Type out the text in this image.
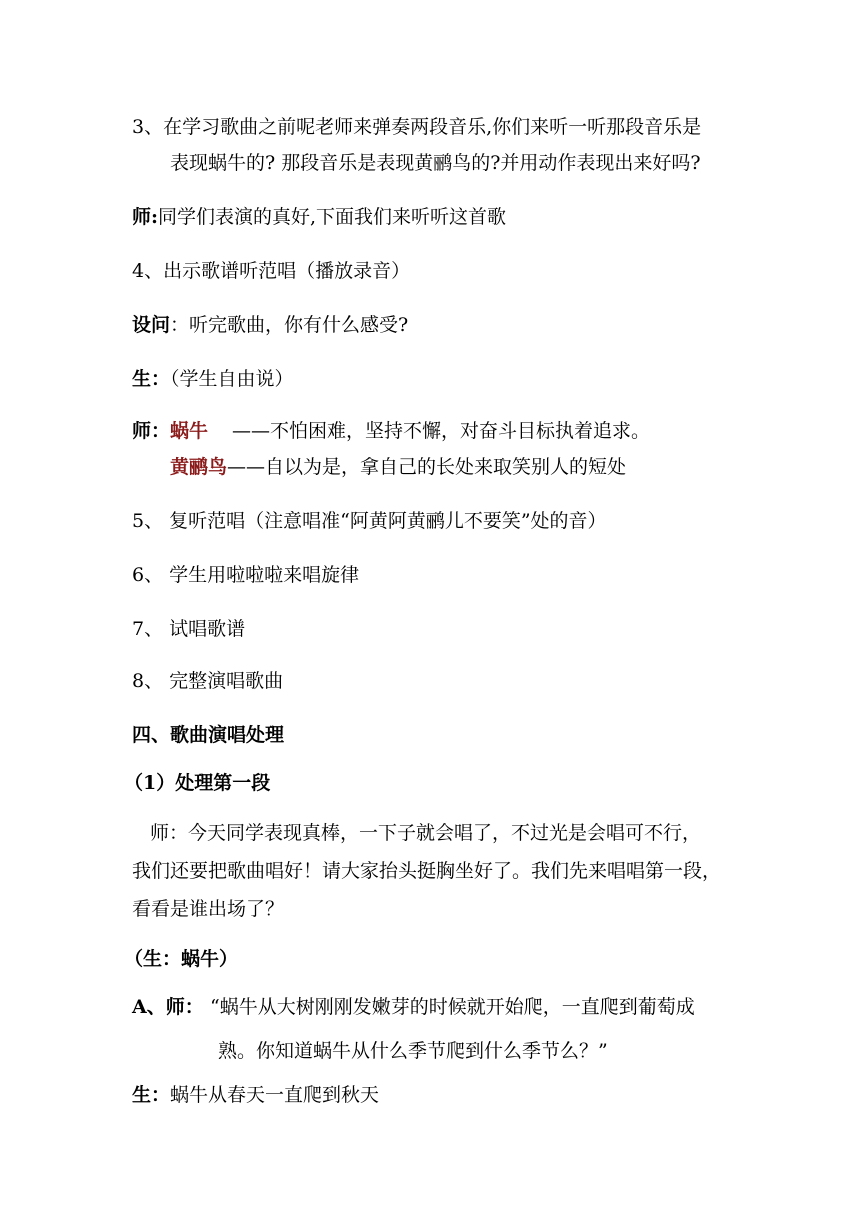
3、在学习歌曲之前呢老师来弹奏两段音乐,你们来听一听那段音乐是
表现蜗牛的? 那段音乐是表现黄鹂鸟的?并用动作表现出来好吗?
师:同学们表演的真好,下面我们来听听这首歌
4、出示歌谱听范唱（播放录音）
设问：听完歌曲，你有什么感受?
生：（学生自由说）
师：蜗牛 ——不怕困难，坚持不懈，对奋斗目标执着追求。
黄鹂鸟——自以为是，拿自己的长处来取笑别人的短处
5、 复听范唱（注意唱准“阿黄阿黄鹂儿不要笑”处的音）
6、 学生用啦啦啦来唱旋律
7、 试唱歌谱
8、 完整演唱歌曲
四、歌曲演唱处理
（1）处理第一段
师：今天同学表现真棒，一下子就会唱了，不过光是会唱可不行，
我们还要把歌曲唱好！请大家抬头挺胸坐好了。我们先来唱唱第一段，
看看是谁出场了？
（生：蜗牛）
A、师： “蜗牛从大树刚刚发嫩芽的时候就开始爬，一直爬到葡萄成
熟。你知道蜗牛从什么季节爬到什么季节么？”
生：蜗牛从春天一直爬到秋天
